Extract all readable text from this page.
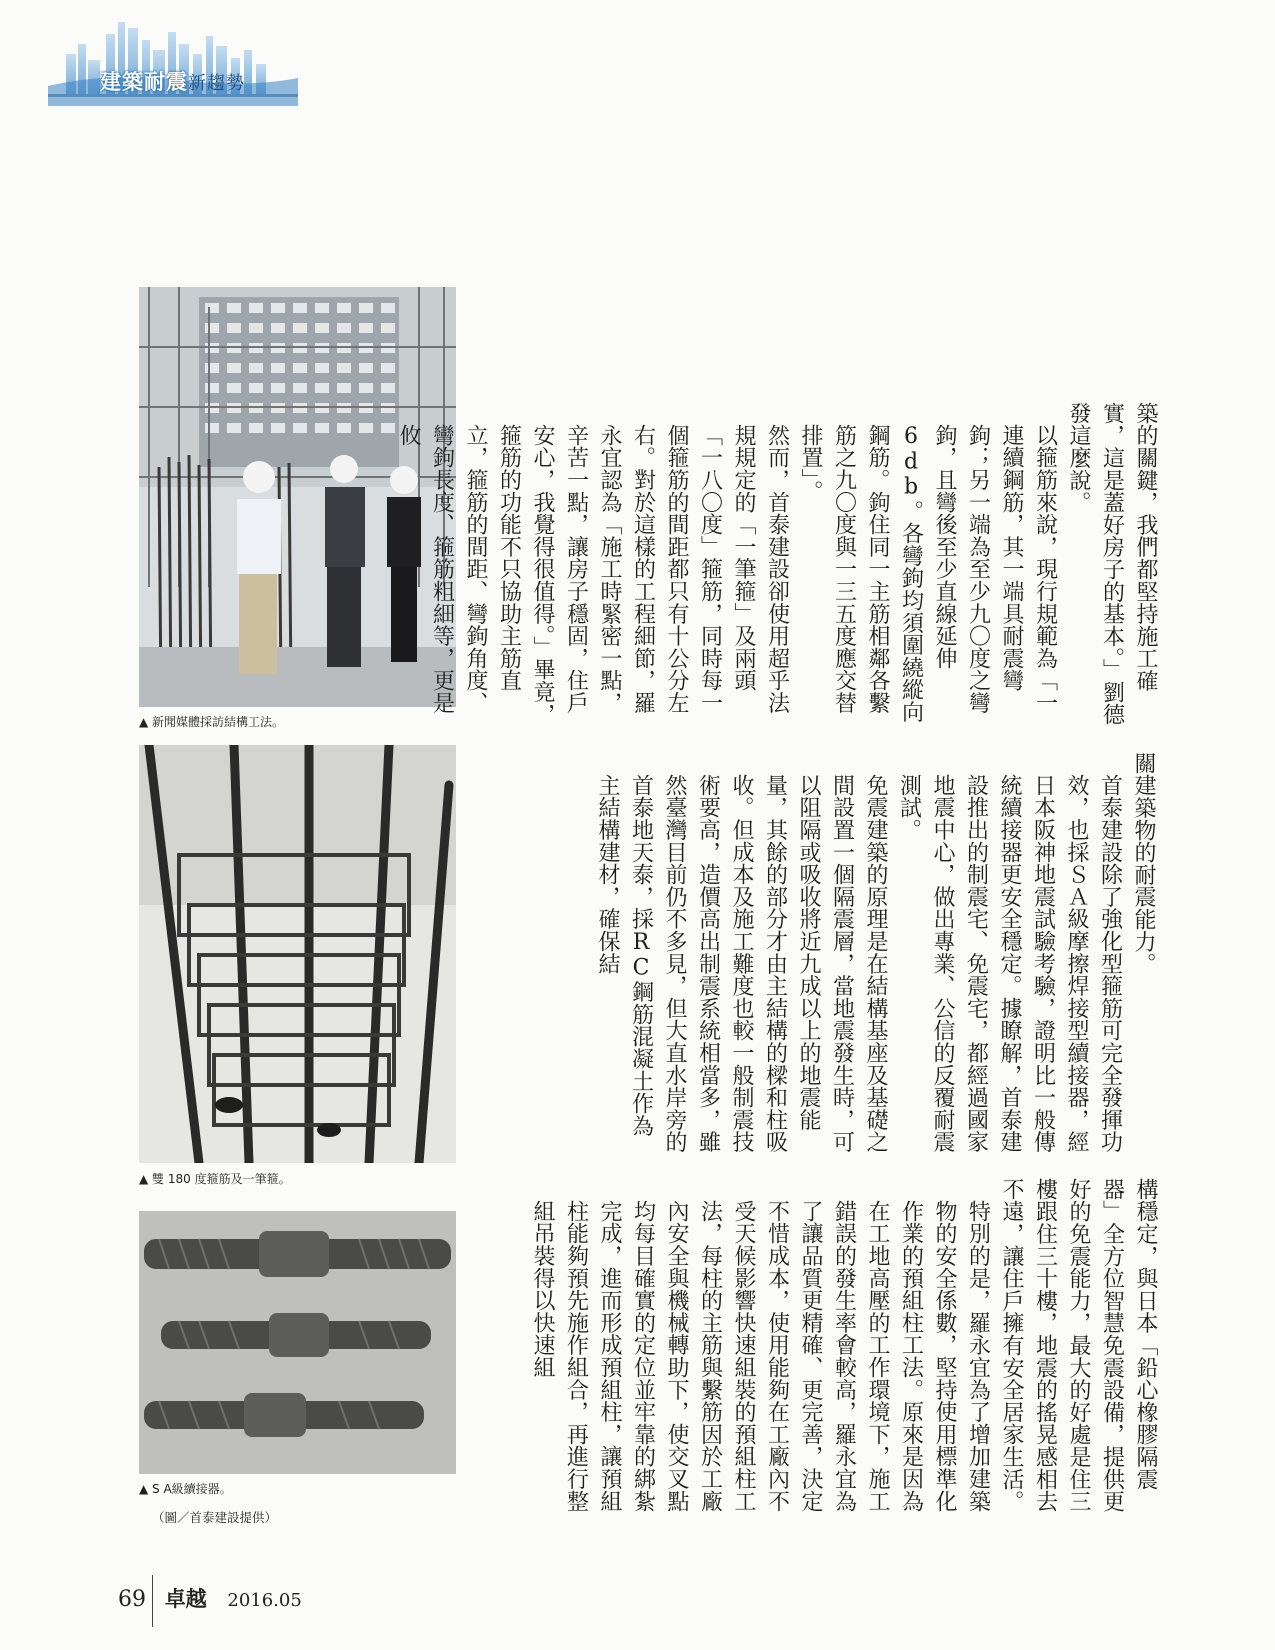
建築耐震 新趨勢
▲ 新聞媒體採訪結構工法。
▲ 雙 180 度箍筋及一筆箍。
▲ S A級續接器。
（圖／首泰建設提供）

築的關鍵，我們都堅持施工確實，這是蓋好房子的基本。」劉德發這麼說。

以箍筋來說，現行規範為「一連續鋼筋，其一端具耐震彎鉤；另一端為至少九〇度之彎鉤，且彎後至少直線延伸6db。各彎鉤均須圍繞縱向鋼筋。鉤住同一主筋相鄰各繫筋之九〇度與一三五度應交替排置」。

然而，首泰建設卻使用超乎法規規定的「一筆箍」及兩頭「一八〇度」箍筋，同時每一個箍筋的間距都只有十公分左右。對於這樣的工程細節，羅永宜認為「施工時緊密一點，辛苦一點，讓房子穩固，住戶安心，我覺得很值得。」畢竟，箍筋的功能不只協助主筋直立，箍筋的間距、彎鉤角度、彎鉤長度、箍筋粗細等，更是攸

關建築物的耐震能力。

首泰建設除了強化型箍筋可完全發揮功效，也採ＳＡ級摩擦焊接型續接器，經日本阪神地震試驗考驗，證明比一般傳統續接器更安全穩定。據瞭解，首泰建設推出的制震宅、免震宅，都經過國家地震中心，做出專業、公信的反覆耐震測試。

免震建築的原理是在結構基座及基礎之間設置一個隔震層，當地震發生時，可以阻隔或吸收將近九成以上的地震能量，其餘的部分才由主結構的樑和柱吸收。但成本及施工難度也較一般制震技術要高，造價高出制震系統相當多，雖然臺灣目前仍不多見，但大直水岸旁的首泰地天泰，採RC鋼筋混凝土作為主結構建材，確保結

構穩定，與日本「鉛心橡膠隔震器」全方位智慧免震設備，提供更好的免震能力，最大的好處是住三樓跟住三十樓，地震的搖晃感相去不遠，讓住戶擁有安全居家生活。

特別的是，羅永宜為了增加建築物的安全係數，堅持使用標準化作業的預組柱工法。原來是因為在工地高壓的工作環境下，施工錯誤的發生率會較高，羅永宜為了讓品質更精確、更完善，決定不惜成本，使用能夠在工廠內不受天候影響快速組裝的預組柱工法，每柱的主筋與繫筋因於工廠內安全與機械轉助下，使交叉點均每目確實的定位並牢靠的綁紮完成，進而形成預組柱，讓預組柱能夠預先施作組合，再進行整組吊裝得以快速組

69 卓越 2016.05
